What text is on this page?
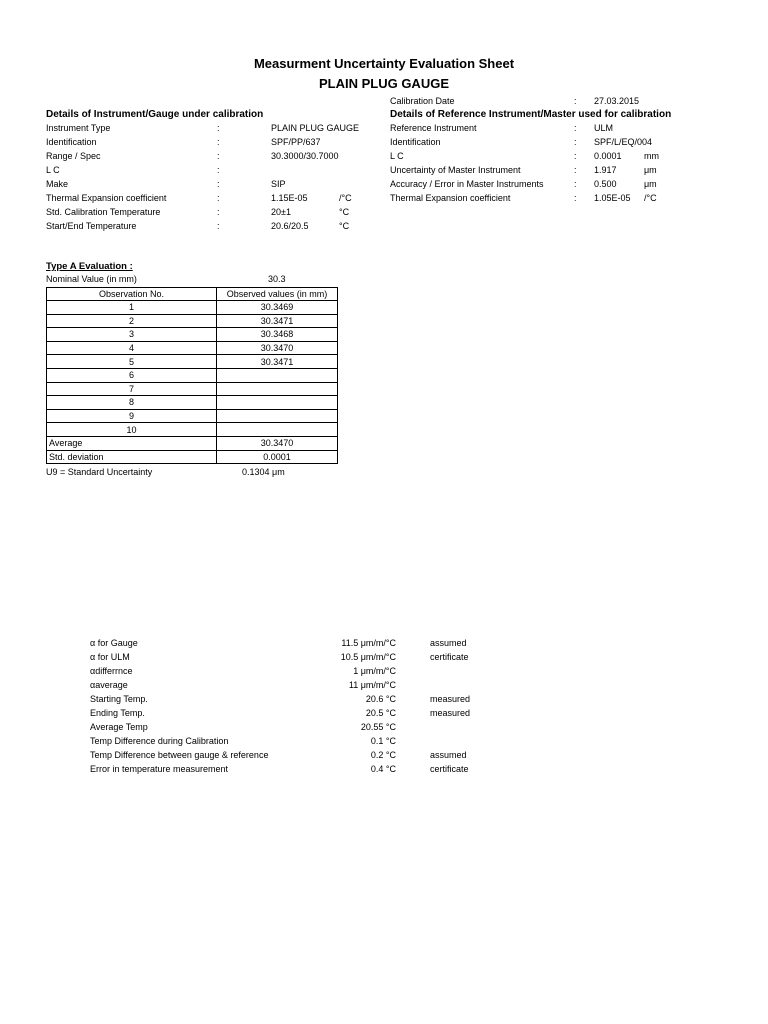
Measurment Uncertainty Evaluation Sheet
PLAIN PLUG GAUGE
Calibration Date	: 27.03.2015
Details of Instrument/Gauge under calibration
Instrument Type	:	PLAIN PLUG GAUGE
Identification	:	SPF/PP/637
Range / Spec	:	30.3000/30.7000
L C	:
Make	:	SIP
Thermal Expansion coefficient	:	1.15E-05	/°C
Std. Calibration Temperature	:	20±1	°C
Start/End Temperature	:	20.6/20.5	°C
Details of Reference Instrument/Master used for calibration
Reference Instrument	: ULM
Identification	: SPF/L/EQ/004
L C	: 0.0001 mm
Uncertainty of Master Instrument	: 1.917	μm
Accuracy / Error in Master Instruments	: 0.500	μm
Thermal Expansion coefficient	: 1.05E-05 /°C
Type A Evaluation :
Nominal Value (in mm)	30.3
Observation No.	Observed values (in mm)
1	30.3469
2	30.3471
3	30.3468
4	30.3470
5	30.3471
6	
7	
8	
9	
10	
Average	30.3470
Std. deviation	0.0001
U9 = Standard Uncertainty	0.1304 μm
α for Gauge	11.5 μm/m/°C	assumed
α for ULM	10.5 μm/m/°C	certificate
αdifferrnce	1 μm/m/°C
αaverage	11 μm/m/°C
Starting Temp.	20.6 °C	measured
Ending Temp.	20.5 °C	measured
Average Temp	20.55 °C
Temp Difference during Calibration	0.1 °C
Temp Difference between gauge & reference	0.2 °C	assumed
Error in temperature measurement	0.4 °C	certificate
